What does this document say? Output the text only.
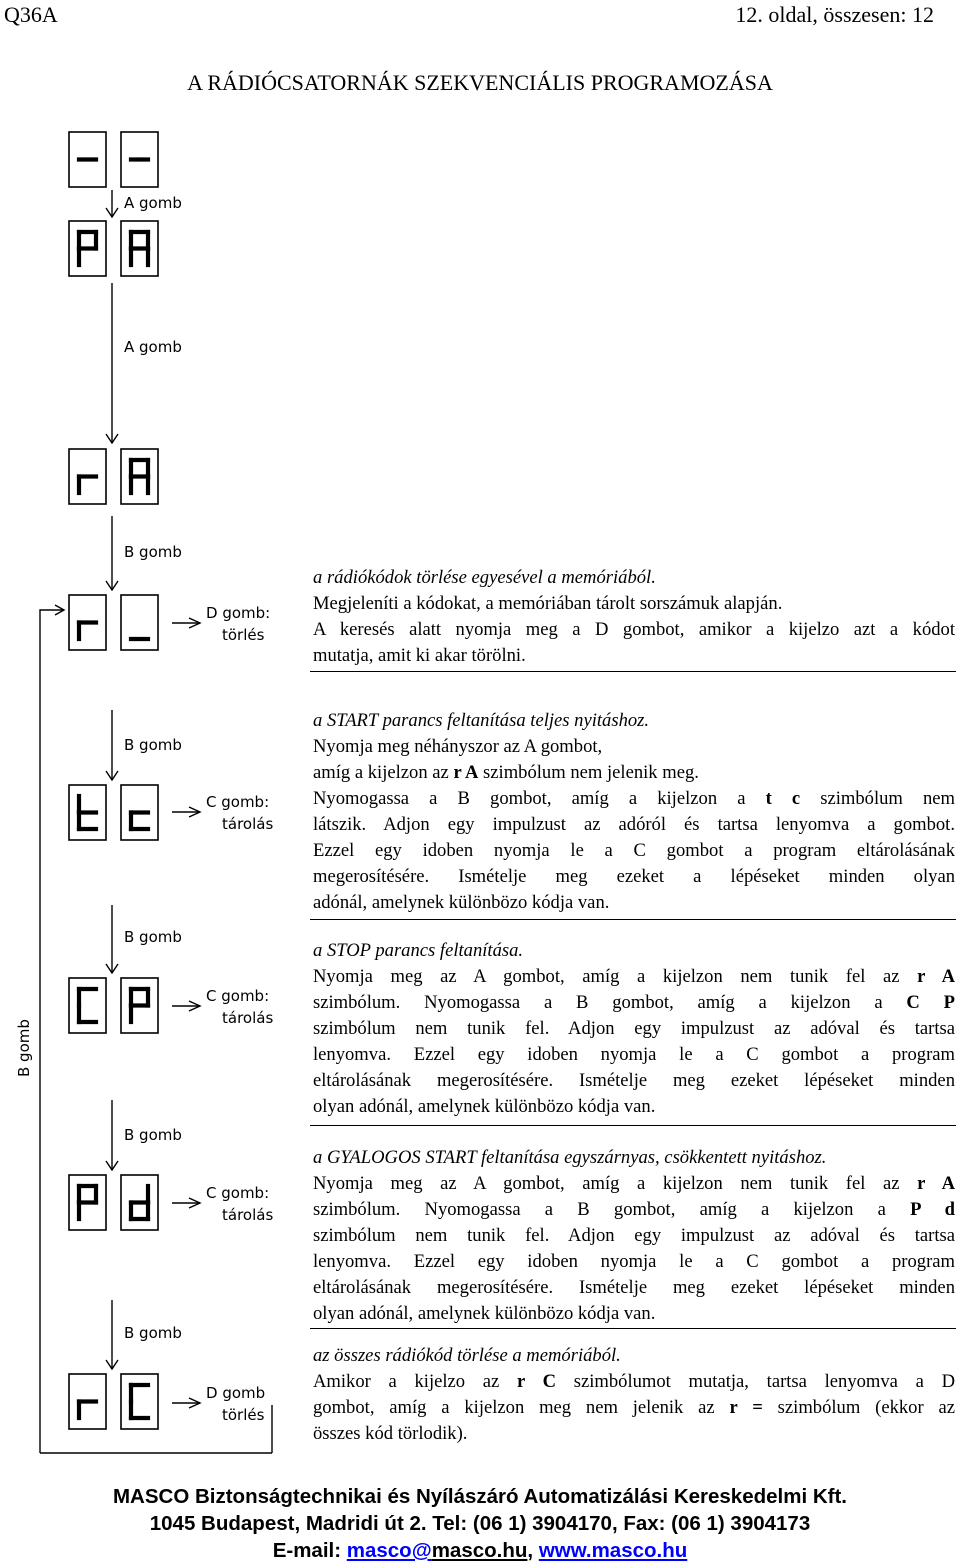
Q36A	12. oldal, összesen: 12
A RÁDIÓCSATORNÁK SZEKVENCIÁLIS PROGRAMOZÁSA
A gomb
A gomb
B gomb
B gomb
B gomb
B gomb
B gomb
D gomb:
törlés
C gomb:
tárolás
C gomb:
tárolás
C gomb:
tárolás
D gomb
törlés
B gomb

a rádiókódok törlése egyesével a memóriából.

Megjeleníti a kódokat, a memóriában tárolt sorszámuk alapján.

A keresés alatt nyomja meg a D gombot, amikor a kijelzo azt a kódot

mutatja, amit ki akar törölni.

a START parancs feltanítása teljes nyitáshoz.

Nyomja meg néhányszor az A gombot,

amíg a kijelzon az r A szimbólum nem jelenik meg.

Nyomogassa a B gombot, amíg a kijelzon a t c szimbólum nem

látszik. Adjon egy impulzust az adóról és tartsa lenyomva a gombot.

Ezzel egy idoben nyomja le a C gombot a program eltárolásának

megerosítésére. Ismételje meg ezeket a lépéseket minden olyan

adónál, amelynek különbözo kódja van.

a STOP parancs feltanítása.

Nyomja meg az A gombot, amíg a kijelzon nem tunik fel az r A

szimbólum. Nyomogassa a B gombot, amíg a kijelzon a C P

szimbólum nem tunik fel. Adjon egy impulzust az adóval és tartsa

lenyomva. Ezzel egy idoben nyomja le a C gombot a program

eltárolásának megerosítésére. Ismételje meg ezeket lépéseket minden

olyan adónál, amelynek különbözo kódja van.

a GYALOGOS START feltanítása egyszárnyas, csökkentett nyitáshoz.

Nyomja meg az A gombot, amíg a kijelzon nem tunik fel az r A

szimbólum. Nyomogassa a B gombot, amíg a kijelzon a P d

szimbólum nem tunik fel. Adjon egy impulzust az adóval és tartsa

lenyomva. Ezzel egy idoben nyomja le a C gombot a program

eltárolásának megerosítésére. Ismételje meg ezeket lépéseket minden

olyan adónál, amelynek különbözo kódja van.

az összes rádiókód törlése a memóriából.

Amikor a kijelzo az r C szimbólumot mutatja, tartsa lenyomva a D

gombot, amíg a kijelzon meg nem jelenik az r = szimbólum (ekkor az

összes kód törlodik).

MASCO Biztonságtechnikai és Nyílászáró Automatizálási Kereskedelmi Kft.
1045 Budapest, Madridi út 2. Tel: (06 1) 3904170, Fax: (06 1) 3904173
E-mail: masco@masco.hu, www.masco.hu
